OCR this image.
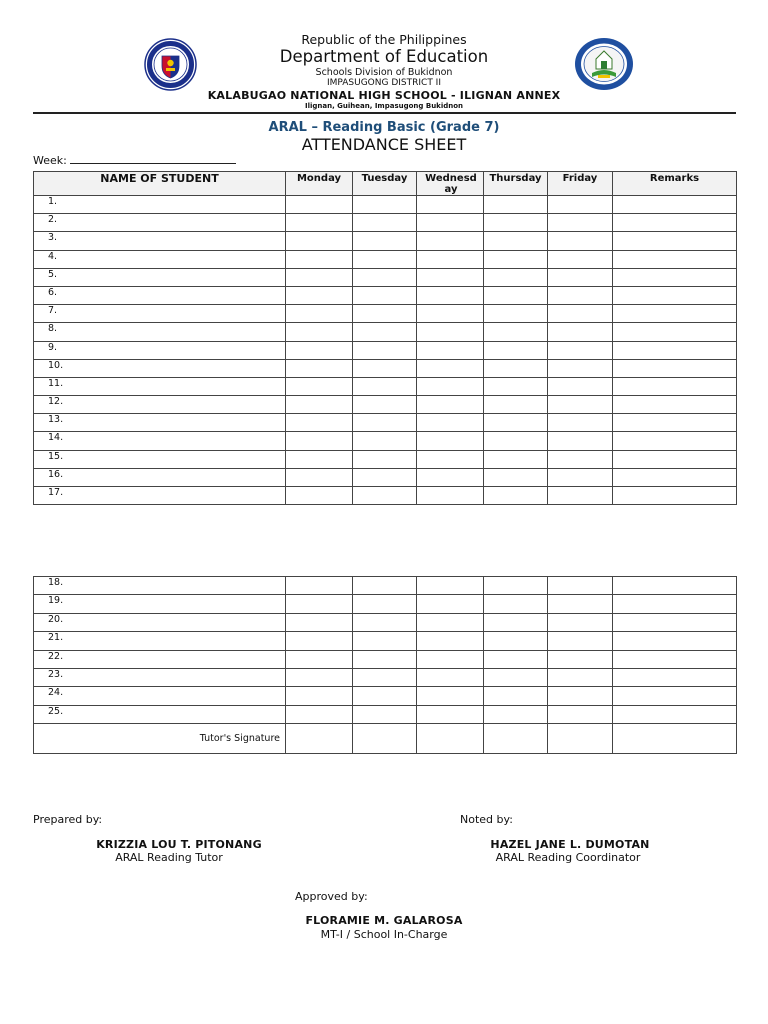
Republic of the Philippines
Department of Education
Schools Division of Bukidnon
IMPASUGONG DISTRICT II
KALABUGAO NATIONAL HIGH SCHOOL - ILIGNAN ANNEX
Ilignan, Guihean, Impasugong Bukidnon
ARAL – Reading Basic (Grade 7)
ATTENDANCE SHEET
Week:
NAME OF STUDENT	Monday	Tuesday	Wednesday	Thursday	Friday	Remarks
1.						
2.						
3.						
4.						
5.						
6.						
7.						
8.						
9.						
10.						
11.						
12.						
13.						
14.						
15.						
16.						
17.						
18.						
19.						
20.						
21.						
22.						
23.						
24.						
25.						
Tutor's Signature						
Prepared by:
KRIZZIA LOU T. PITONANG
ARAL Reading Tutor
Noted by:
HAZEL JANE L. DUMOTAN
ARAL Reading Coordinator
Approved by:
FLORAMIE M. GALAROSA
MT-I / School In-Charge
